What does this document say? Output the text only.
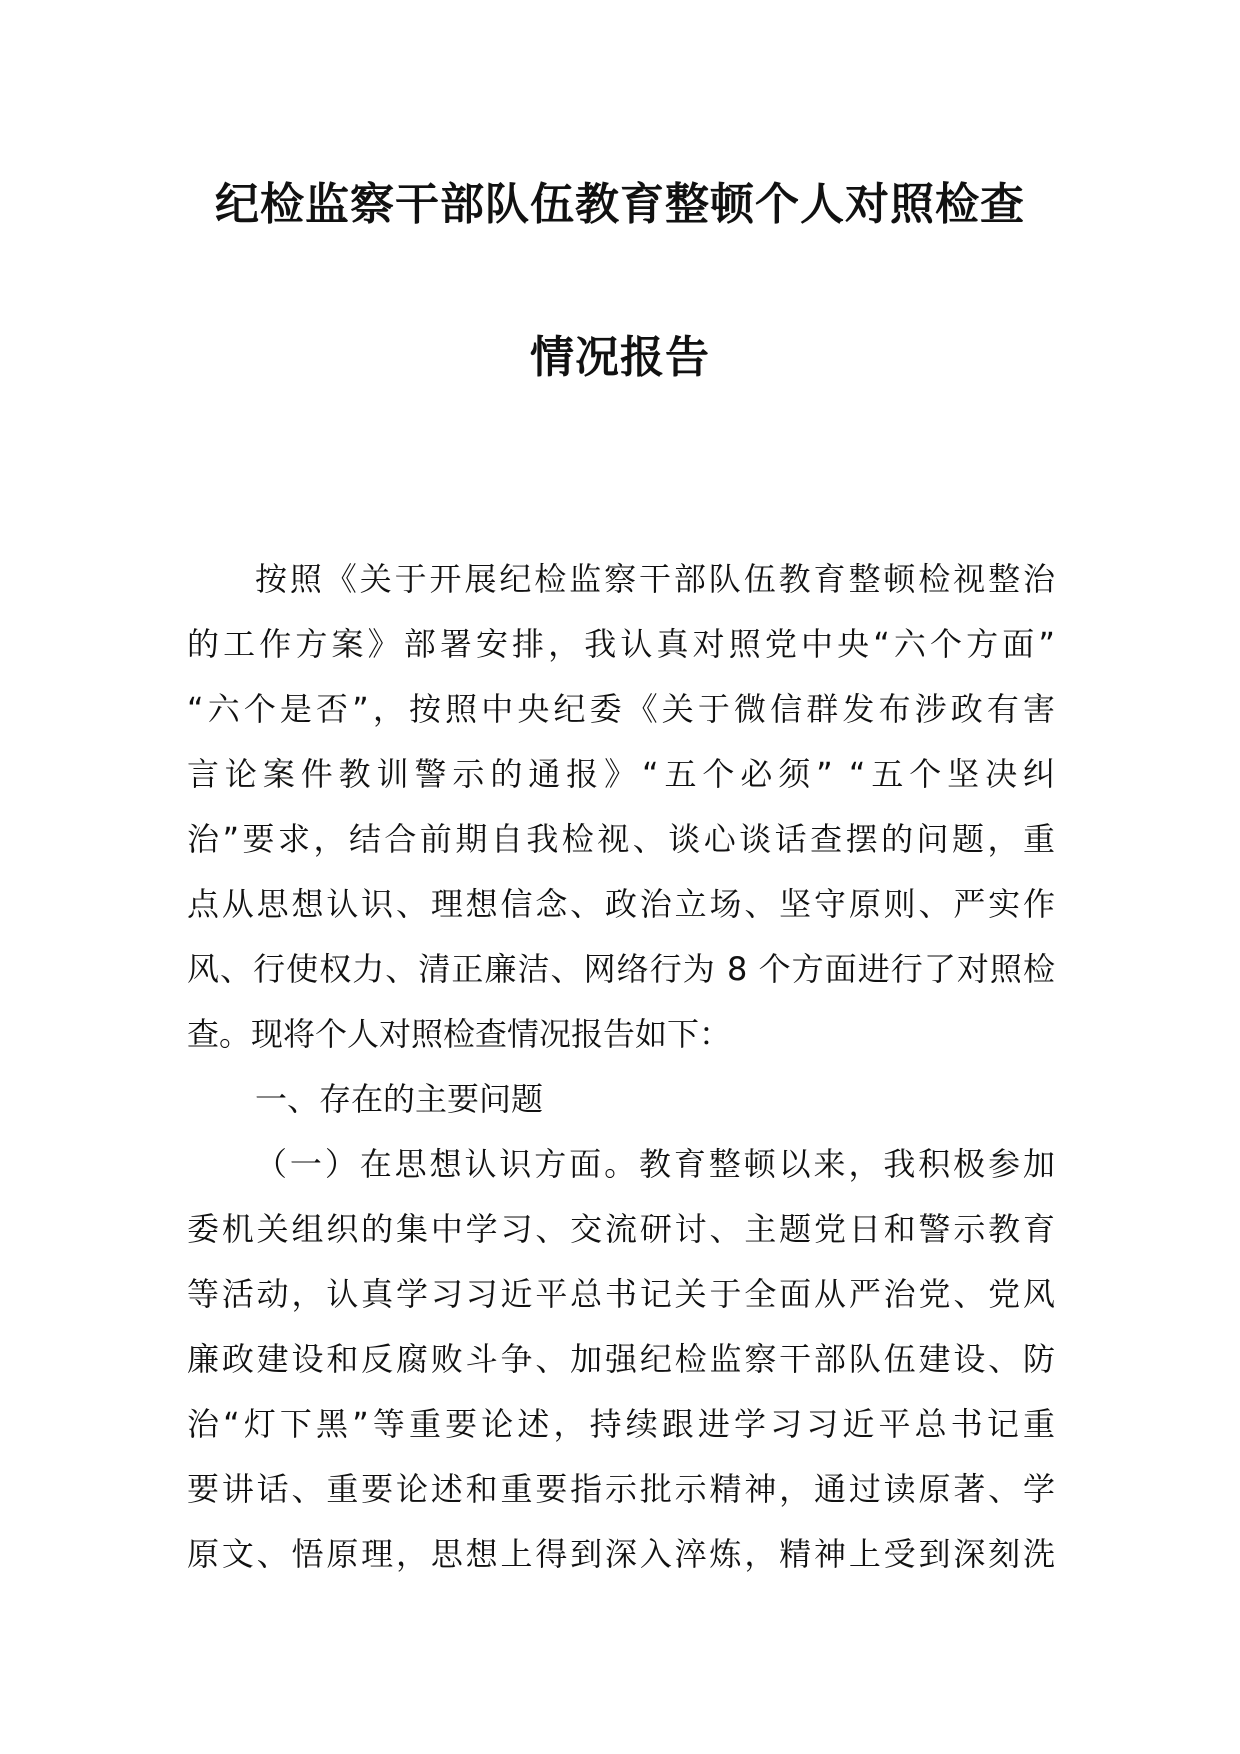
纪检监察干部队伍教育整顿个人对照检查
情况报告
按照《关于开展纪检监察干部队伍教育整顿检视整治
的工作方案》部署安排，我认真对照党中央“六个方面”
“六个是否”，按照中央纪委《关于微信群发布涉政有害
言论案件教训警示的通报》“五个必须” “五个坚决纠
治”要求，结合前期自我检视、谈心谈话查摆的问题，重
点从思想认识、理想信念、政治立场、坚守原则、严实作
风、行使权力、清正廉洁、网络行为 8 个方面进行了对照检
查。现将个人对照检查情况报告如下：
一、存在的主要问题
（一）在思想认识方面。教育整顿以来，我积极参加
委机关组织的集中学习、交流研讨、主题党日和警示教育
等活动，认真学习习近平总书记关于全面从严治党、党风
廉政建设和反腐败斗争、加强纪检监察干部队伍建设、防
治“灯下黑”等重要论述，持续跟进学习习近平总书记重
要讲话、重要论述和重要指示批示精神，通过读原著、学
原文、悟原理，思想上得到深入淬炼，精神上受到深刻洗
